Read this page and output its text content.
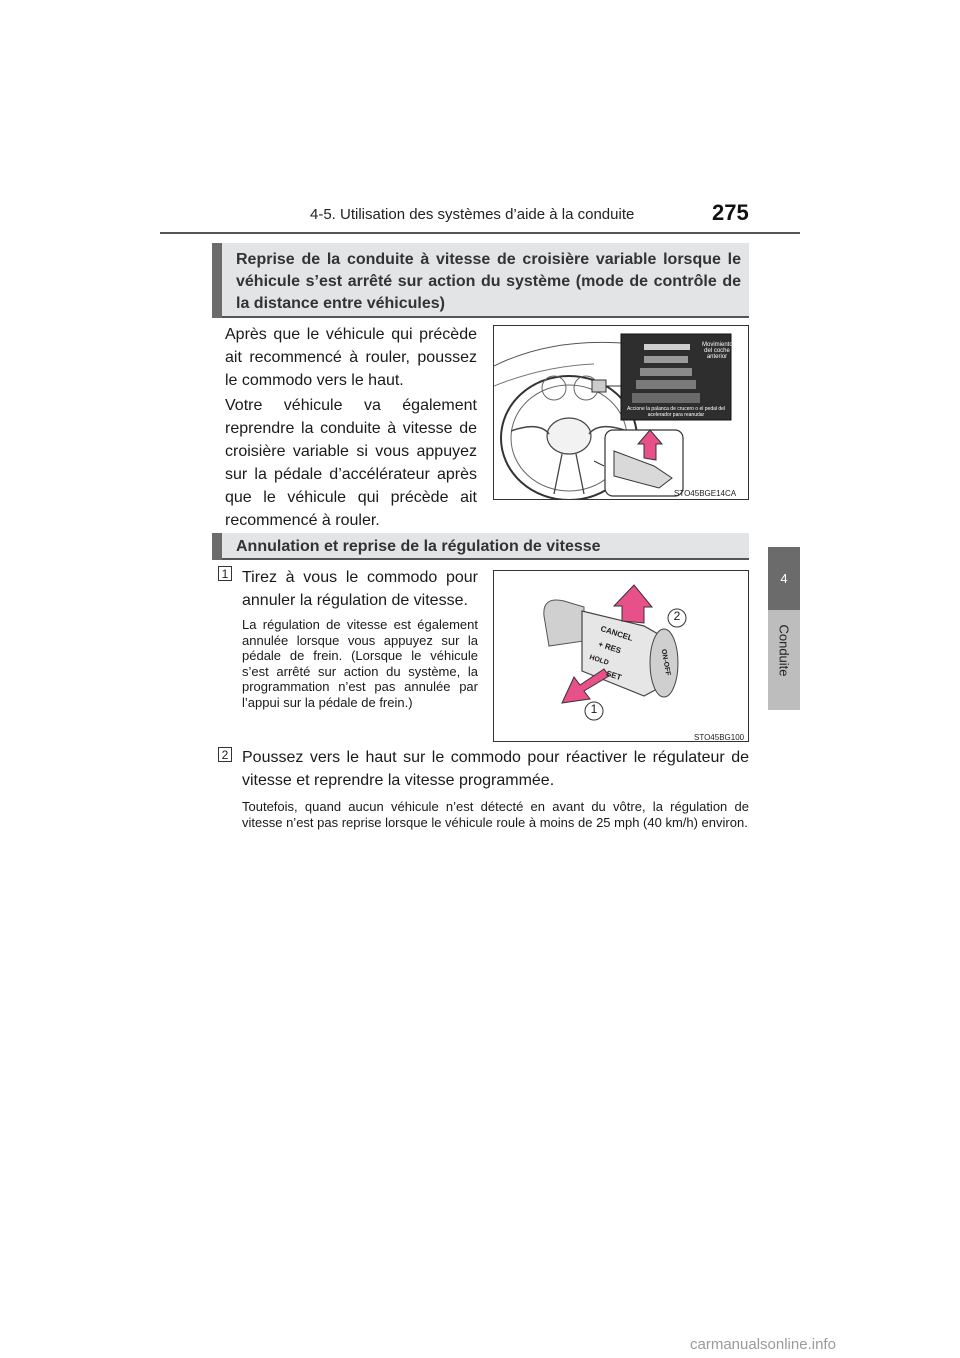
4-5. Utilisation des systèmes d’aide à la conduite	275
4
Conduite
Reprise de la conduite à vitesse de croisière variable lorsque le véhicule s’est arrêté sur action du système (mode de contrôle de la distance entre véhicules)
Après que le véhicule qui précède ait recommencé à rouler, poussez le commodo vers le haut.
Votre véhicule va également reprendre la conduite à vitesse de croisière variable si vous appuyez sur la pédale d’accélérateur après que le véhicule qui précède ait recommencé à rouler.
Movimiento del coche anterior
Accione la palanca de crucero o el pedal del acelerador para reanudar
STO45BGE14CA
Annulation et reprise de la régulation de vitesse
1 Tirez à vous le commodo pour annuler la régulation de vitesse.
La régulation de vitesse est également annulée lorsque vous appuyez sur la pédale de frein. (Lorsque le véhicule s’est arrêté sur action du système, la programmation n’est pas annulée par l’appui sur la pédale de frein.)
2
1
CANCEL
+ RES
HOLD
SET	ON-OFF
STO45BG100
2 Poussez vers le haut sur le commodo pour réactiver le régulateur de vitesse et reprendre la vitesse programmée.
Toutefois, quand aucun véhicule n’est détecté en avant du vôtre, la régulation de vitesse n’est pas reprise lorsque le véhicule roule à moins de 25 mph (40 km/h) environ.
carmanualsonline.info
